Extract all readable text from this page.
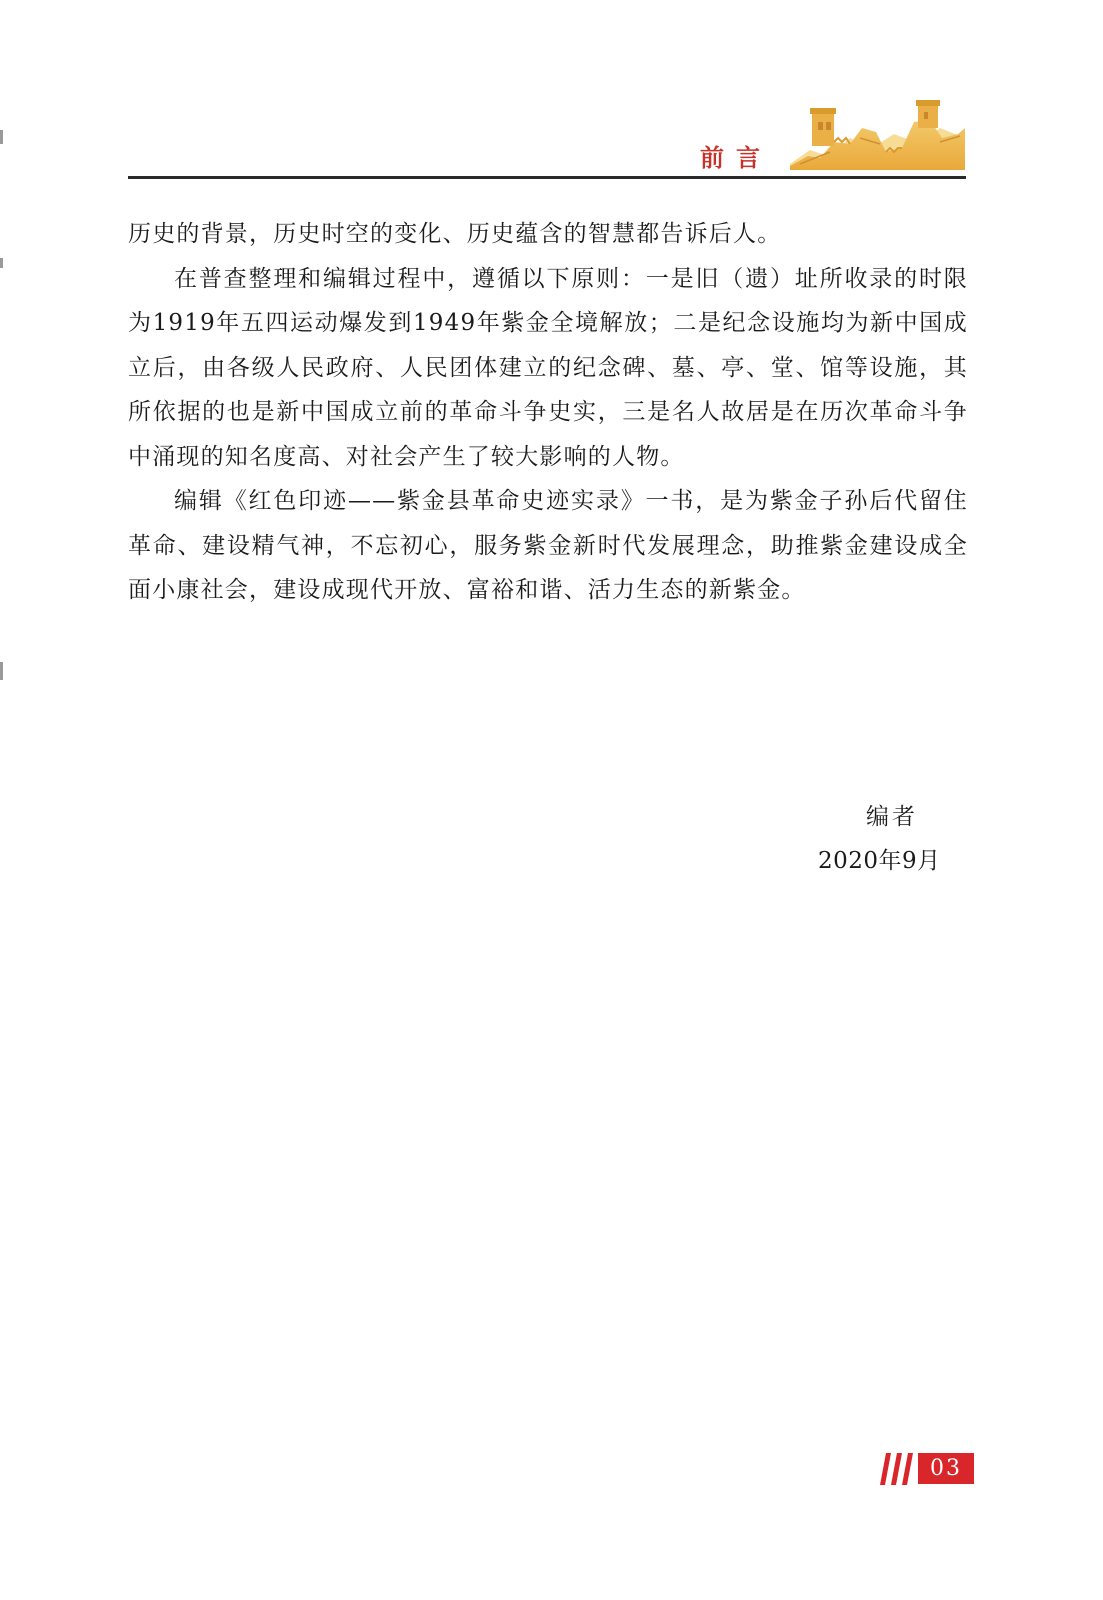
前言

历史的背景，历史时空的变化、历史蕴含的智慧都告诉后人。

在普查整理和编辑过程中，遵循以下原则：一是旧（遗）址所收录的时限为1919年五四运动爆发到1949年紫金全境解放；二是纪念设施均为新中国成立后，由各级人民政府、人民团体建立的纪念碑、墓、亭、堂、馆等设施，其所依据的也是新中国成立前的革命斗争史实，三是名人故居是在历次革命斗争中涌现的知名度高、对社会产生了较大影响的人物。

编辑《红色印迹——紫金县革命史迹实录》一书，是为紫金子孙后代留住革命、建设精气神，不忘初心，服务紫金新时代发展理念，助推紫金建设成全面小康社会，建设成现代开放、富裕和谐、活力生态的新紫金。

编者
2020年9月
03
